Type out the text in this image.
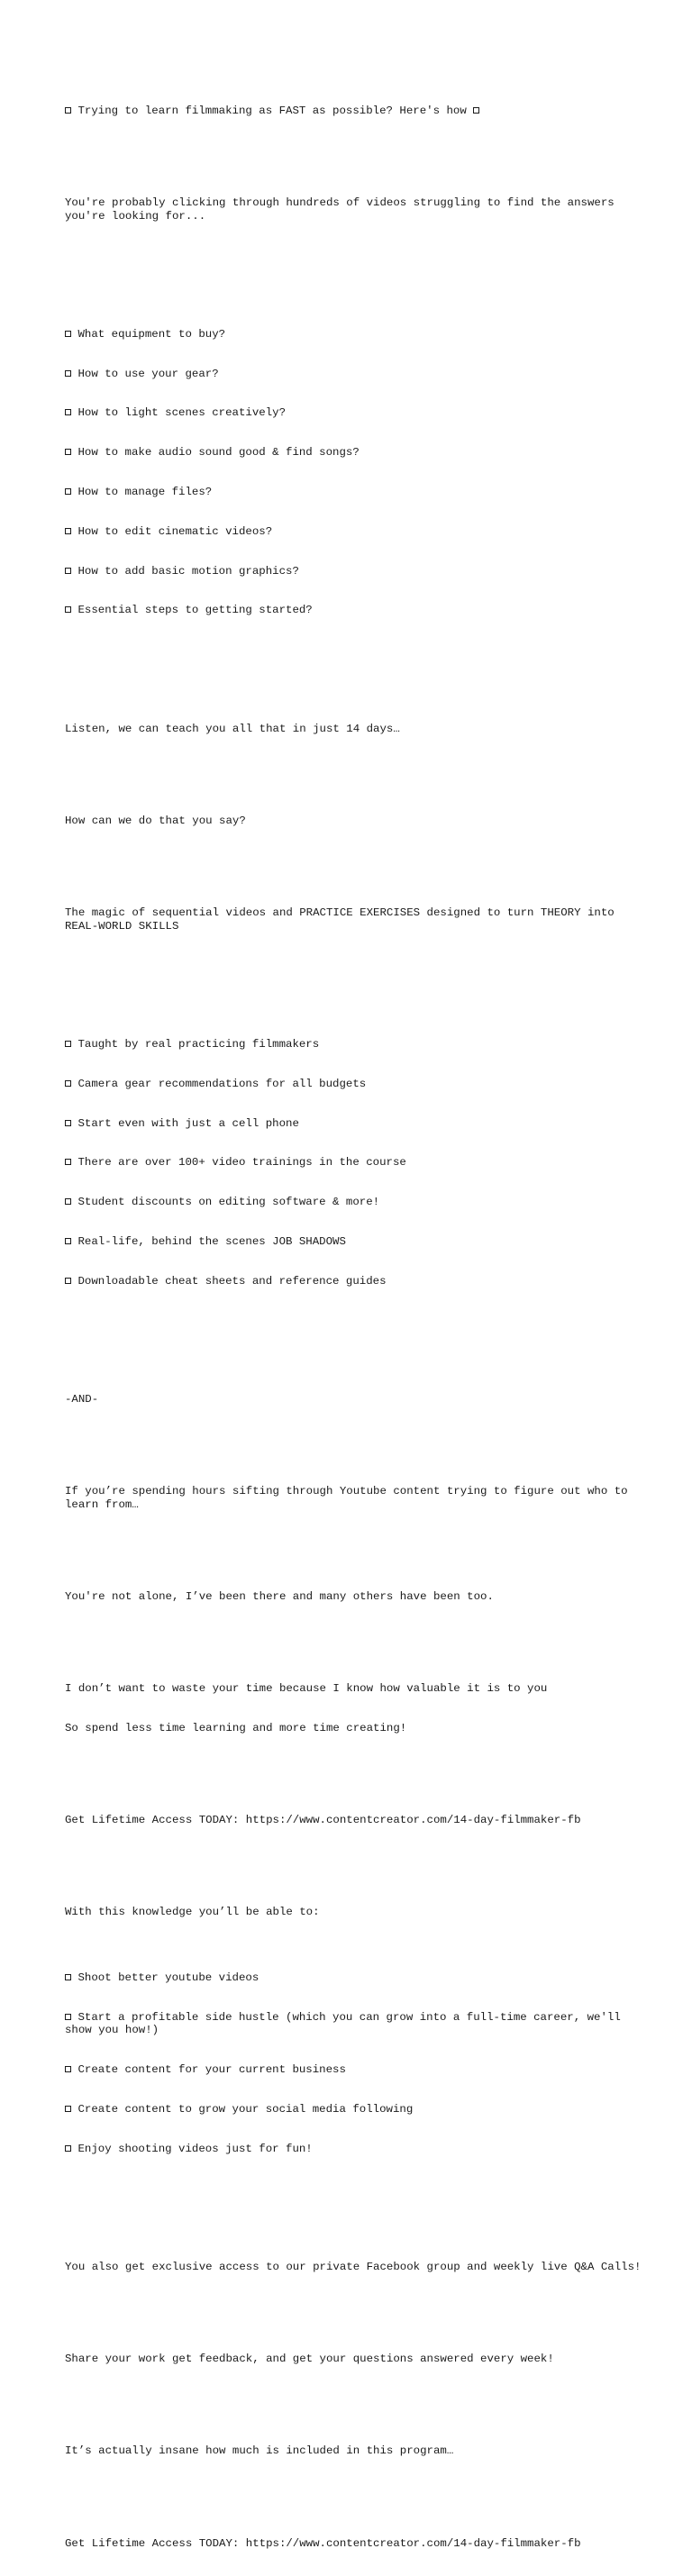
Trying to learn filmmaking as FAST as possible? Here's how

You're probably clicking through hundreds of videos struggling to find the answers you're looking for...

What equipment to buy?

How to use your gear?

How to light scenes creatively?

How to make audio sound good & find songs?

How to manage files?

How to edit cinematic videos?

How to add basic motion graphics?

Essential steps to getting started?

Listen, we can teach you all that in just 14 days…

How can we do that you say?

The magic of sequential videos and PRACTICE EXERCISES designed to turn THEORY into REAL-WORLD SKILLS

Taught by real practicing filmmakers

Camera gear recommendations for all budgets

Start even with just a cell phone

There are over 100+ video trainings in the course

Student discounts on editing software & more!

Real-life, behind the scenes JOB SHADOWS

Downloadable cheat sheets and reference guides

-AND-

If you’re spending hours sifting through Youtube content trying to figure out who to learn from…

You're not alone, I’ve been there and many others have been too.

I don’t want to waste your time because I know how valuable it is to you

So spend less time learning and more time creating!

Get Lifetime Access TODAY: https://www.contentcreator.com/14-day-filmmaker-fb

With this knowledge you’ll be able to:

Shoot better youtube videos

Start a profitable side hustle (which you can grow into a full-time career, we'll show you how!)

Create content for your current business

Create content to grow your social media following

Enjoy shooting videos just for fun!

You also get exclusive access to our private Facebook group and weekly live Q&A Calls!

Share your work get feedback, and get your questions answered every week!

It’s actually insane how much is included in this program…

Get Lifetime Access TODAY: https://www.contentcreator.com/14-day-filmmaker-fb
